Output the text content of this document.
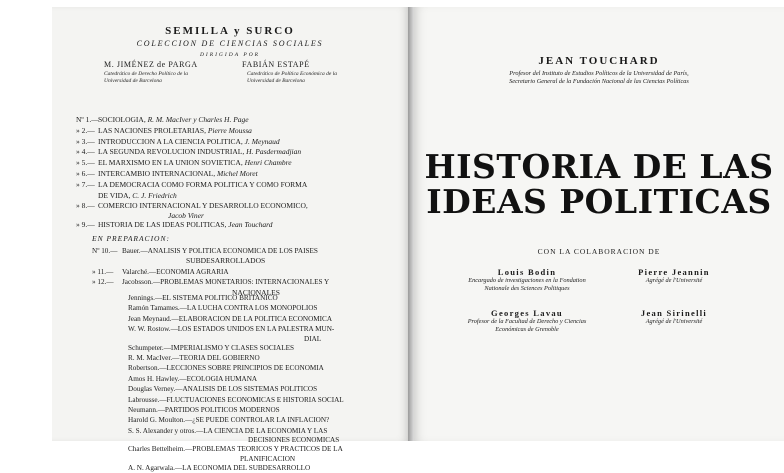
SEMILLA y SURCO
COLECCION DE CIENCIAS SOCIALES
DIRIGIDA POR
M. JIMÉNEZ de PARGA
Catedrático de Derecho Político de la Universidad de Barcelona
FABIÁN ESTAPÉ
Catedrático de Política Económica de la Universidad de Barcelona
Nº 1.—SOCIOLOGIA, R. M. MacIver y Charles H. Page
» 2.— LAS NACIONES PROLETARIAS, Pierre Moussa
» 3.— INTRODUCCION A LA CIENCIA POLITICA, J. Meynaud
» 4.— LA SEGUNDA REVOLUCION INDUSTRIAL, H. Pasdermadjian
» 5.— EL MARXISMO EN LA UNION SOVIETICA, Henri Chambre
» 6.— INTERCAMBIO INTERNACIONAL, Michel Moret
» 7.— LA DEMOCRACIA COMO FORMA POLITICA Y COMO FORMA
DE VIDA, C. J. Friedrich
» 8.— COMERCIO INTERNACIONAL Y DESARROLLO ECONOMICO,
Jacob Viner
» 9.— HISTORIA DE LAS IDEAS POLITICAS, Jean Touchard
EN PREPARACION:
Nº 10.— Bauer.—ANALISIS Y POLITICA ECONOMICA DE LOS PAISES
SUBDESARROLLADOS
» 11.— Valarché.—ECONOMIA AGRARIA
» 12.— Jacobsson.—PROBLEMAS MONETARIOS: INTERNACIONALES Y
NACIONALES
Jennings.—EL SISTEMA POLITICO BRITANICO
Ramón Tamames.—LA LUCHA CONTRA LOS MONOPOLIOS
Jean Meynaud.—ELABORACION DE LA POLITICA ECONOMICA
W. W. Rostow.—LOS ESTADOS UNIDOS EN LA PALESTRA MUN-
DIAL
Schumpeter.—IMPERIALISMO Y CLASES SOCIALES
R. M. MacIver.—TEORIA DEL GOBIERNO
Robertson.—LECCIONES SOBRE PRINCIPIOS DE ECONOMIA
Amos H. Hawley.—ECOLOGIA HUMANA
Douglas Verney.—ANALISIS DE LOS SISTEMAS POLITICOS
Labrousse.—FLUCTUACIONES ECONOMICAS E HISTORIA SOCIAL
Neumann.—PARTIDOS POLITICOS MODERNOS
Harold G. Moulton.—¿SE PUEDE CONTROLAR LA INFLACION?
S. S. Alexander y otros.—LA CIENCIA DE LA ECONOMIA Y LAS
DECISIONES ECONOMICAS
Charles Bettelheim.—PROBLEMAS TEORICOS Y PRACTICOS DE LA
PLANIFICACION
A. N. Agarwala.—LA ECONOMIA DEL SUBDESARROLLO
JEAN TOUCHARD
Profesor del Instituto de Estudios Políticos de la Universidad de París,
Secretario General de la Fundación Nacional de las Ciencias Políticas
HISTORIA DE LAS
IDEAS POLITICAS
CON LA COLABORACION DE
Louis Bodin
Encargado de investigaciones en la Fondation
Nationale des Sciences Politiques
Pierre Jeannin
Agrégé de l'Université
Georges Lavau
Profesor de la Facultad de Derecho y Ciencias
Económicas de Grenoble
Jean Sirinelli
Agrégé de l'Université
